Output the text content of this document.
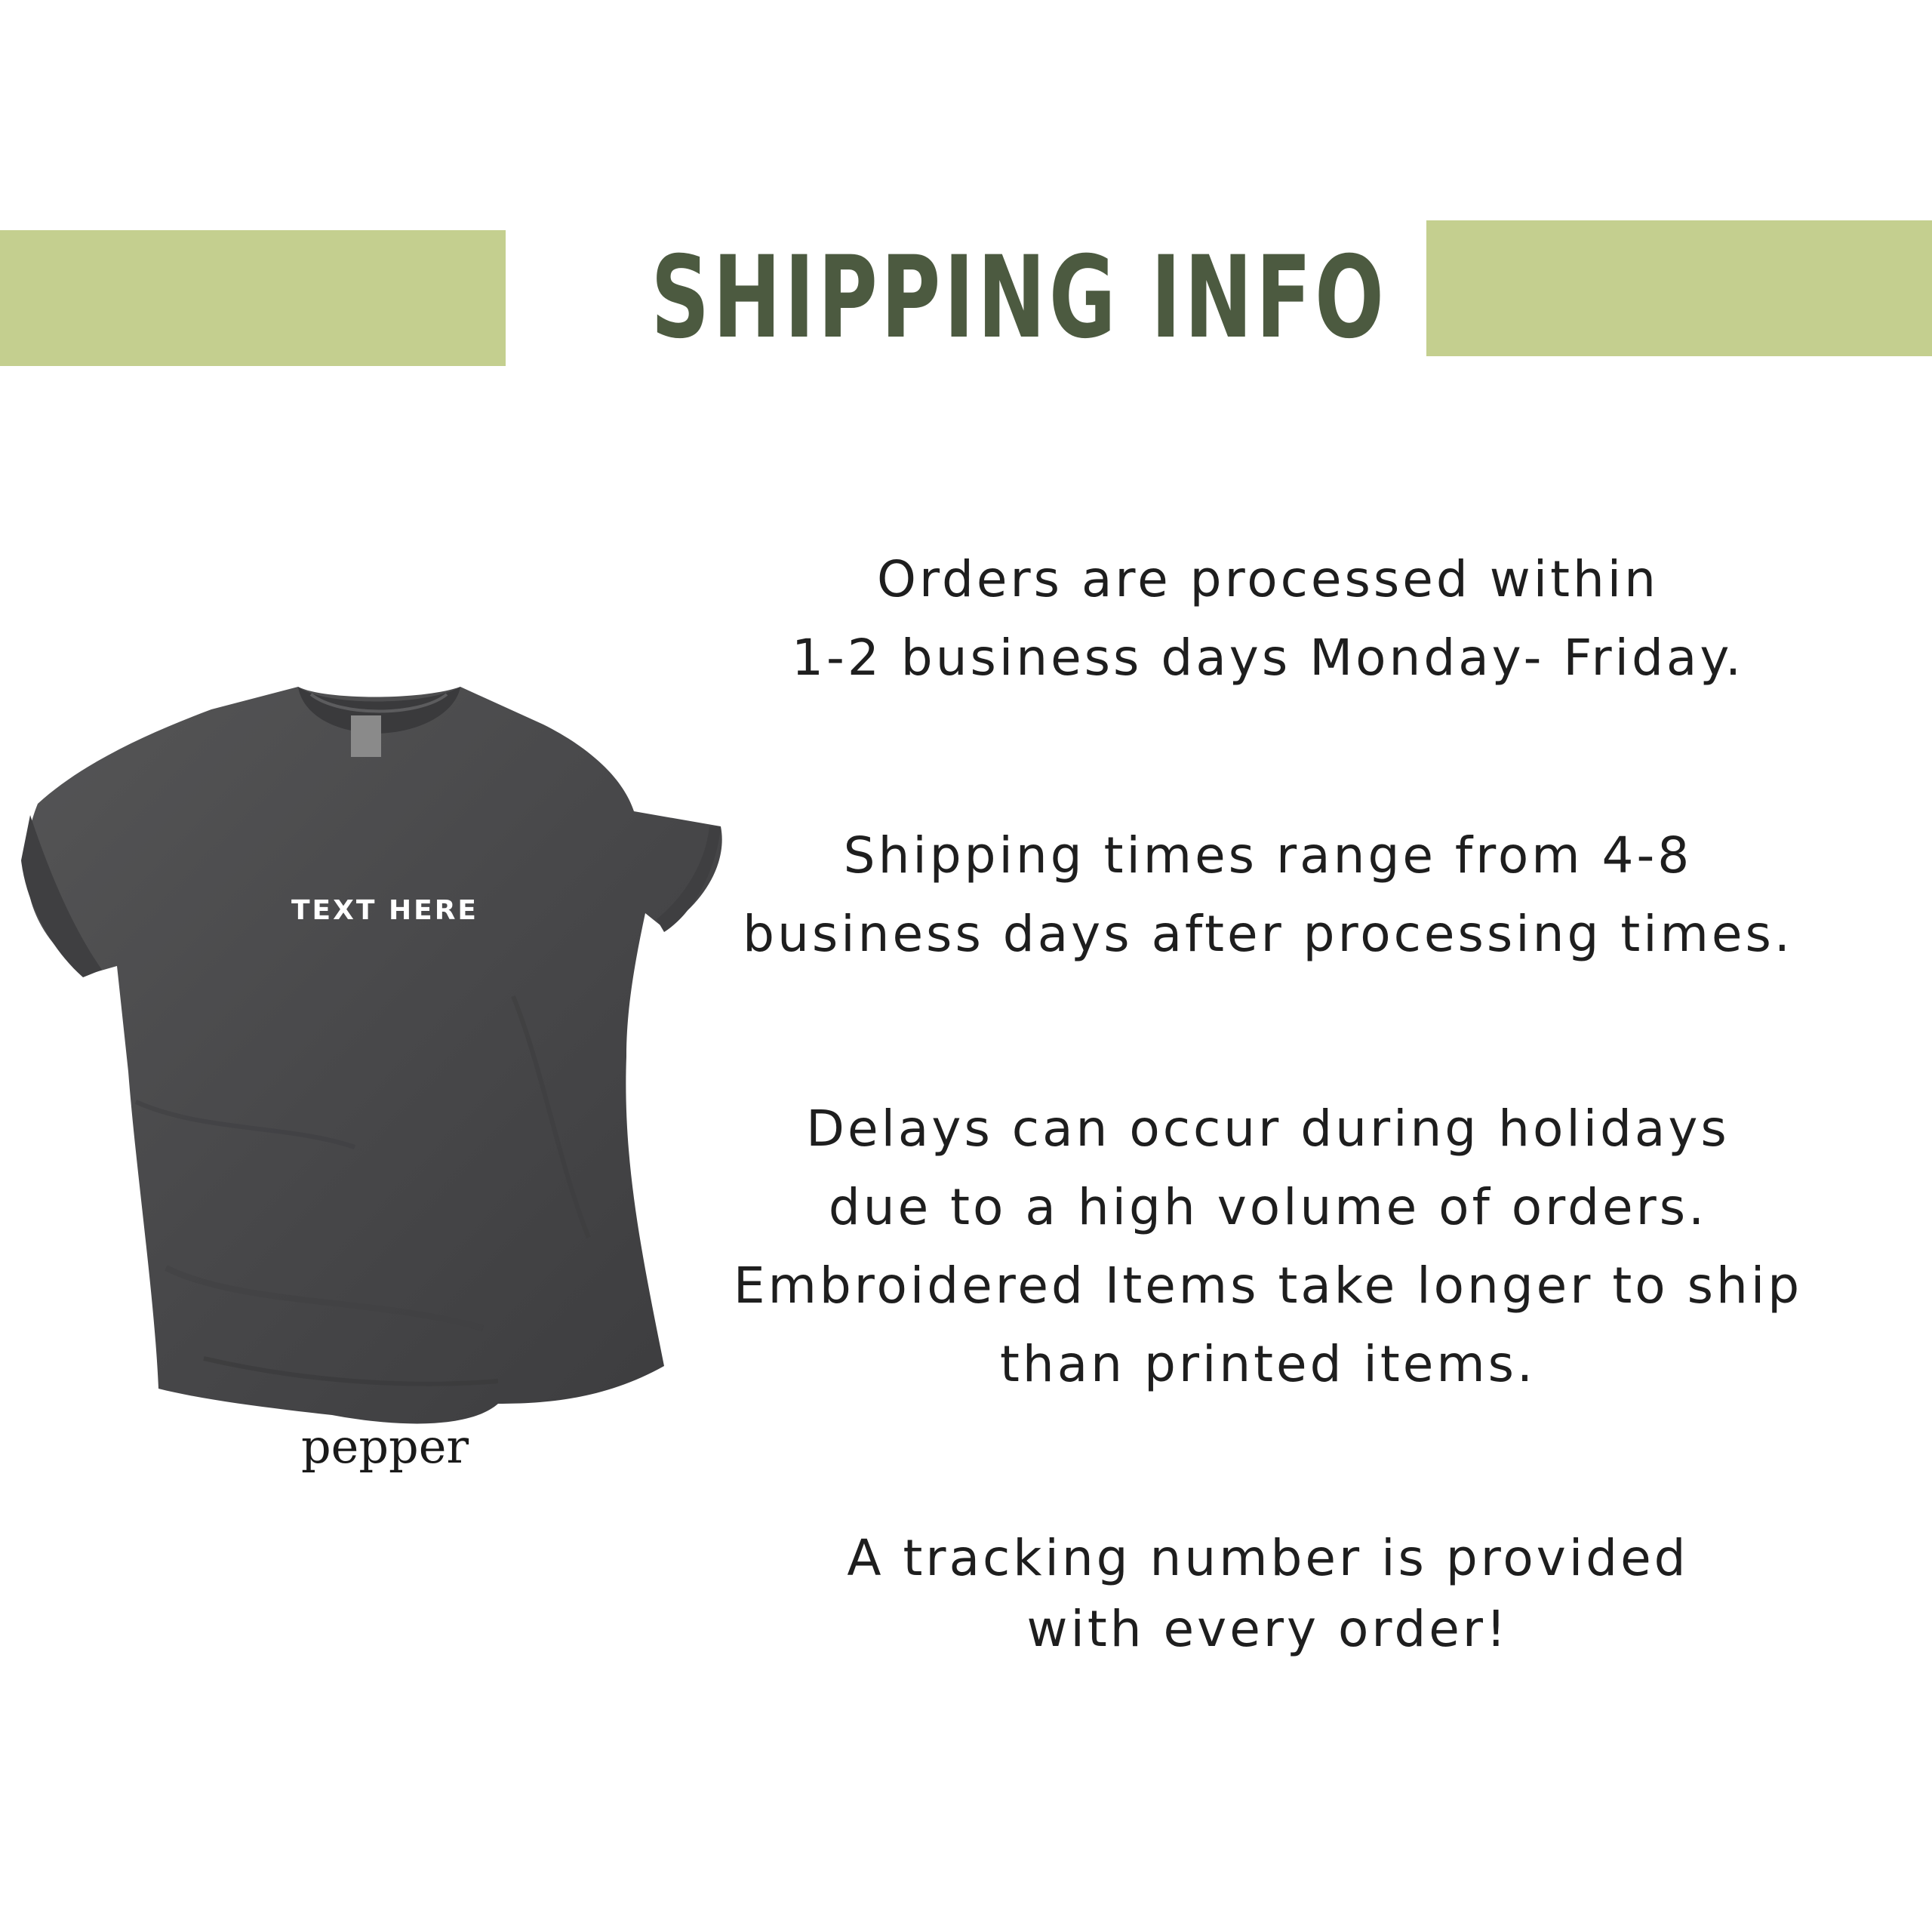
SHIPPING INFO
TEXT HERE
pepper
Orders are processed within
1-2 business days Monday- Friday.
Shipping times range from 4-8
business days after processing times.
Delays can occur during holidays
due to a high volume of orders.
Embroidered Items take longer to ship
than printed items.
A tracking number is provided
with every order!
